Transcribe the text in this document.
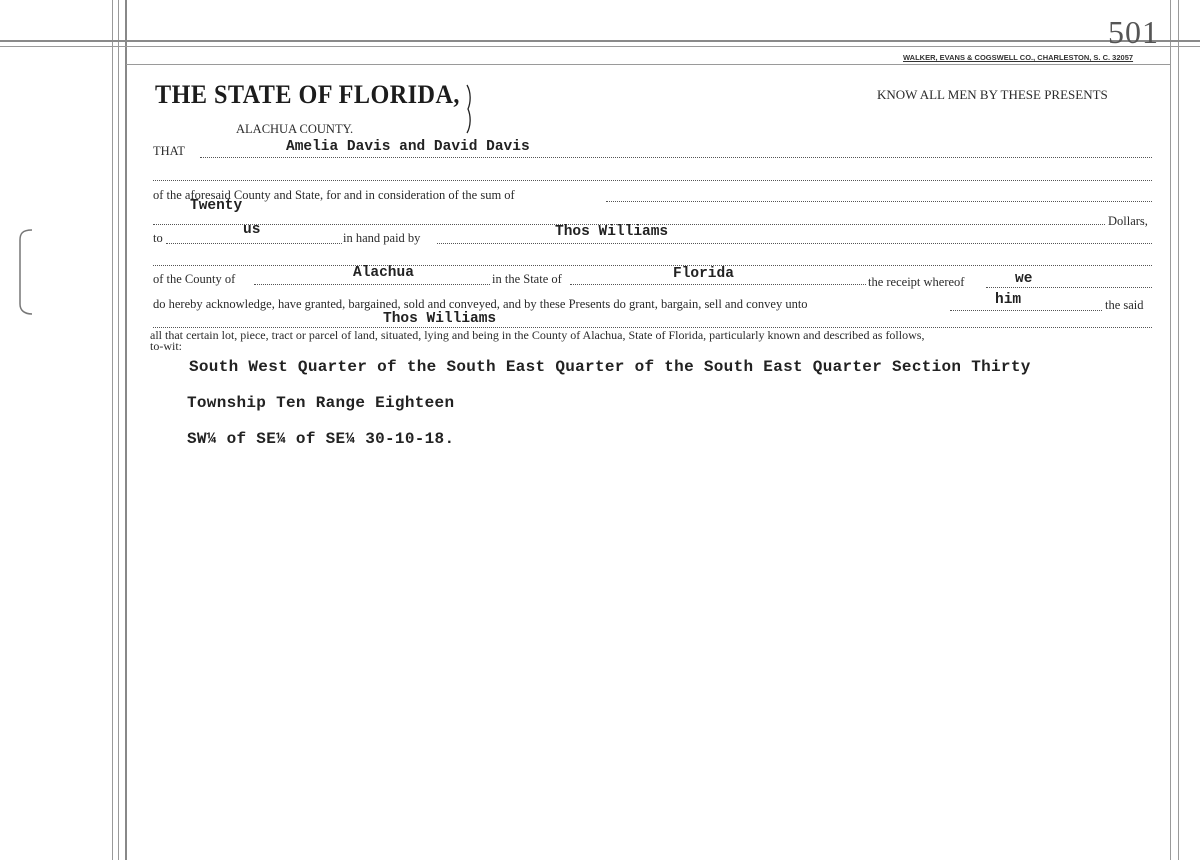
501
WALKER, EVANS & COGSWELL CO., CHARLESTON, S. C. 32057
THE STATE OF FLORIDA,
ALACHUA COUNTY.
KNOW ALL MEN BY THESE PRESENTS
THAT	Amelia Davis and David Davis
of the aforesaid County and State, for and in consideration of the sum of
Twenty
Dollars,
to	us	in hand paid by	Thos Williams
of the County of	Alachua	in the State of	Florida	the receipt whereof	we
do hereby acknowledge, have granted, bargained, sold and conveyed, and by these Presents do grant, bargain, sell and convey unto	him	the said
Thos Williams
all that certain lot, piece, tract or parcel of land, situated, lying and being in the County of Alachua, State of Florida, particularly known and described as follows,
to-wit:
South West Quarter of the South East Quarter of the South East Quarter Section Thirty
Township Ten Range Eighteen
SW¼ of SE¼ of SE¼ 30-10-18.
